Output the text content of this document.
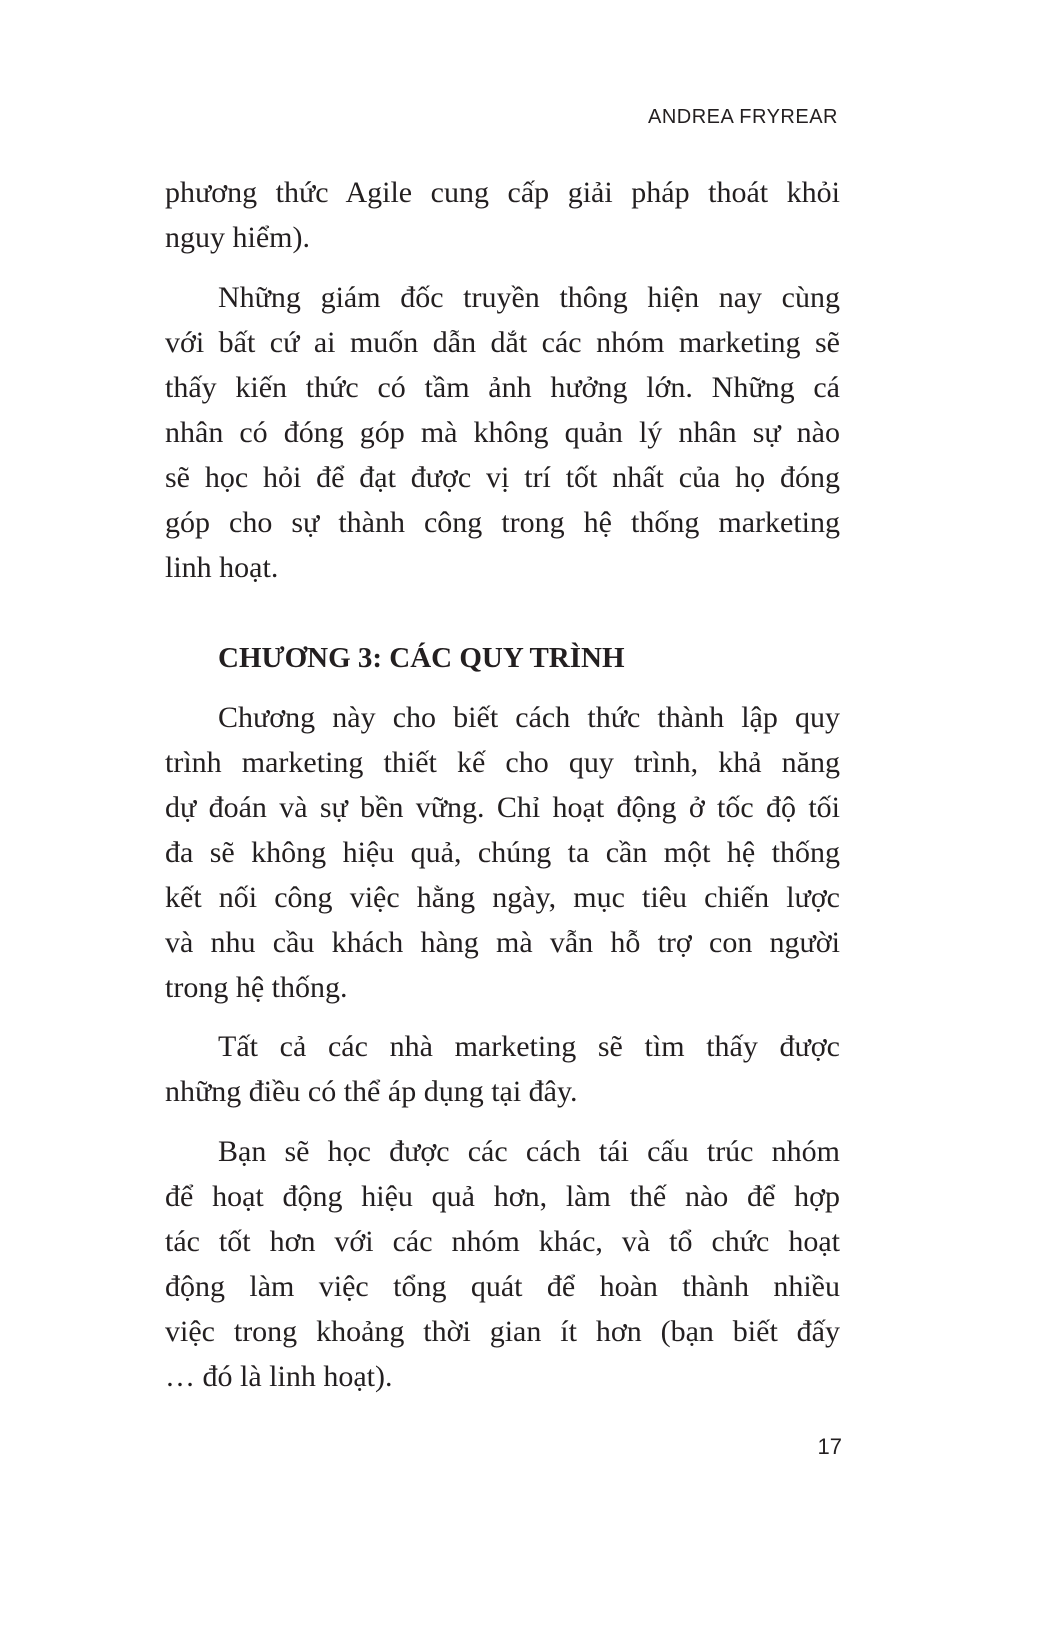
ANDREA FRYREAR
phương thức Agile cung cấp giải pháp thoát khỏi
nguy hiểm).
Những giám đốc truyền thông hiện nay cùng
với bất cứ ai muốn dẫn dắt các nhóm marketing sẽ
thấy kiến thức có tầm ảnh hưởng lớn. Những cá
nhân có đóng góp mà không quản lý nhân sự nào
sẽ học hỏi để đạt được vị trí tốt nhất của họ đóng
góp cho sự thành công trong hệ thống marketing
linh hoạt.
CHƯƠNG 3: CÁC QUY TRÌNH
Chương này cho biết cách thức thành lập quy
trình marketing thiết kế cho quy trình, khả năng
dự đoán và sự bền vững. Chỉ hoạt động ở tốc độ tối
đa sẽ không hiệu quả, chúng ta cần một hệ thống
kết nối công việc hằng ngày, mục tiêu chiến lược
và nhu cầu khách hàng mà vẫn hỗ trợ con người
trong hệ thống.
Tất cả các nhà marketing sẽ tìm thấy được
những điều có thể áp dụng tại đây.
Bạn sẽ học được các cách tái cấu trúc nhóm
để hoạt động hiệu quả hơn, làm thế nào để hợp
tác tốt hơn với các nhóm khác, và tổ chức hoạt
động làm việc tổng quát để hoàn thành nhiều
việc trong khoảng thời gian ít hơn (bạn biết đấy
… đó là linh hoạt).
17
